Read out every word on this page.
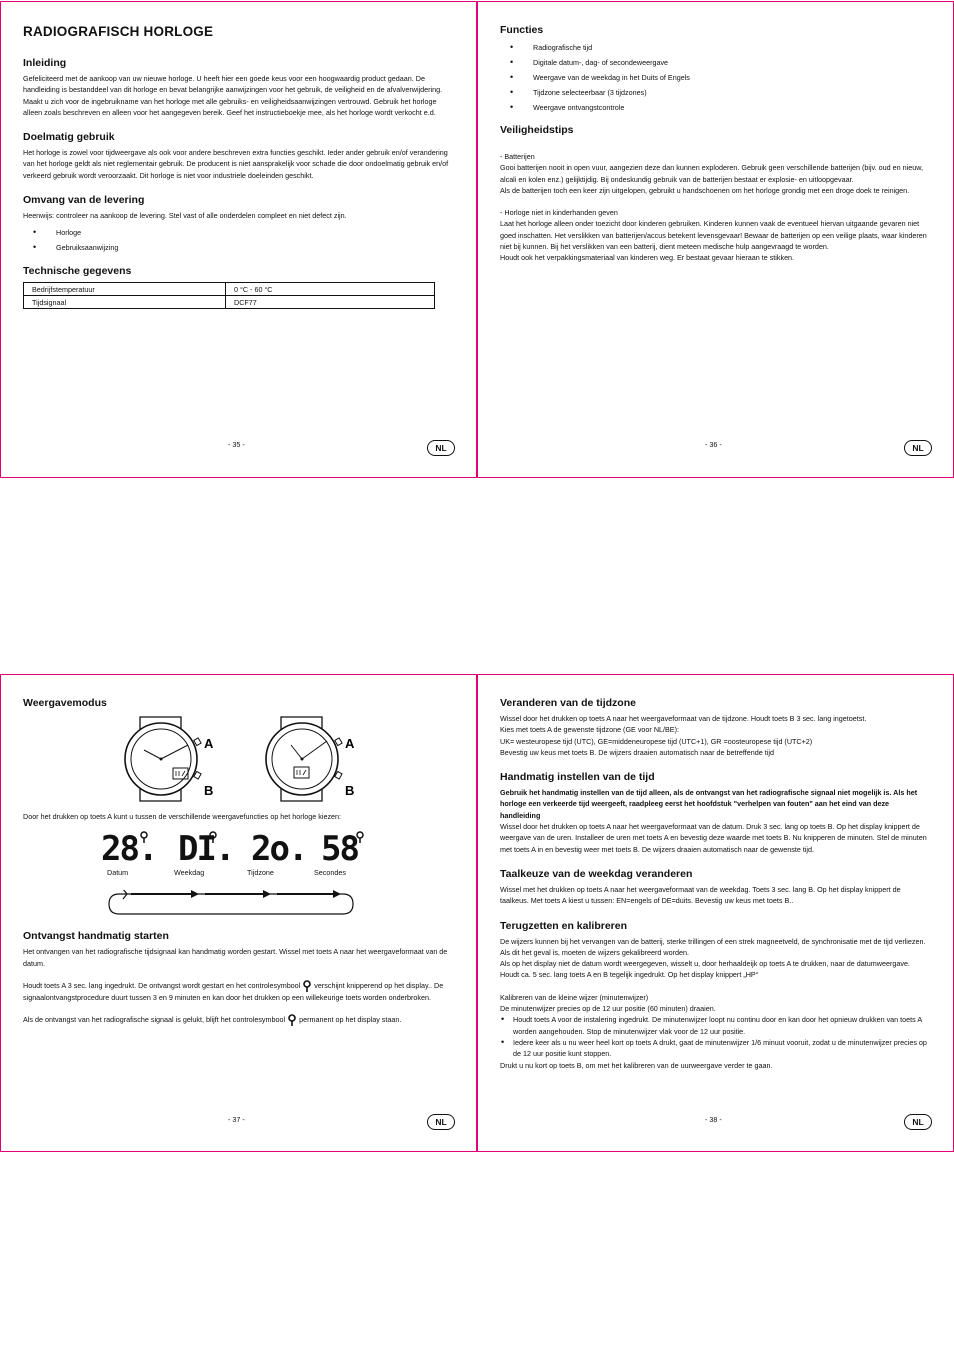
RADIOGRAFISCH HORLOGE
Inleiding

Gefeliciteerd met de aankoop van uw nieuwe horloge. U heeft hier een goede keus voor een hoogwaardig product gedaan. De handleiding is bestanddeel van dit horloge en bevat belangrijke aanwijzingen voor het gebruik, de veiligheid en de afvalverwijdering. Maakt u zich voor de ingebruikname van het horloge met alle gebruiks- en veiligheidsaanwijzingen vertrouwd. Gebruik het horloge alleen zoals beschreven en alleen voor het aangegeven bereik. Geef het instructieboekje mee, als het horloge wordt verkocht e.d.

Doelmatig gebruik

Het horloge is zowel voor tijdweergave als ook voor andere beschreven extra functies geschikt. Ieder ander gebruik en/of verandering van het horloge geldt als niet reglementair gebruik. De producent is niet aansprakelijk voor schade die door ondoelmatig gebruik en/of verkeerd gebruik wordt veroorzaakt. Dit horloge is niet voor industriele doeleinden geschikt.

Omvang van de levering

Heenwijs: controleer na aankoop de levering. Stel vast of alle onderdelen compleet en niet defect zijn.

• Horloge
• Gebruiksaanwijzing
Technische gegevens
Bedrijfstemperatuur	0 °C - 60 °C
Tijdsignaal	DCF77
- 35 -	NL
Functies
• Radiografische tijd
• Digitale datum-, dag- of secondeweergave
• Weergave van de weekdag in het Duits of Engels
• Tijdzone selecteerbaar (3 tijdzones)
• Weergave ontvangstcontrole
Veiligheidstips

- Batterijen

Gooi batterijen nooit in open vuur, aangezien deze dan kunnen exploderen. Gebruik geen verschillende batterijen (bijv. oud en nieuw, alcali en kolen enz.) gelijktijdig. Bij ondeskundig gebruik van de batterijen bestaat er explosie- en uitloopgevaar.

Als de batterijen toch een keer zijn uitgelopen, gebruikt u handschoenen om het horloge grondig met een droge doek te reinigen.

- Horloge niet in kinderhanden geven

Laat het horloge alleen onder toezicht door kinderen gebruiken. Kinderen kunnen vaak de eventueel hiervan uitgaande gevaren niet goed inschatten. Het verslikken van batterijen/accus betekent levensgevaar! Bewaar de batterijen op een veilige plaats, waar kinderen niet bij kunnen. Bij het verslikken van een batterij, dient meteen medische hulp aangevraagd te worden.

Houdt ook het verpakkingsmateriaal van kinderen weg. Er bestaat gevaar hieraan te stikken.

- 36 -	NL
Weergavemodus
A
B
A
B

Door het drukken op toets A kunt u tussen de verschillende weergavefuncties op het horloge kiezen:

28. DI. 2o. 58
Datum	Weekdag	Tijdzone	Secondes
Ontvangst handmatig starten

Het ontvangen van het radiografische tijdsignaal kan handmatig worden gestart. Wissel met toets A naar het weergaveformaat van de datum.

Houdt toets A 3 sec. lang ingedrukt. De ontvangst wordt gestart en het controlesymbool verschijnt knipperend op het display.. De signaalontvangstprocedure duurt tussen 3 en 9 minuten en kan door het drukken op een willekeurige toets worden onderbroken.

Als de ontvangst van het radiografische signaal is gelukt, blijft het controlesymbool permanent op het display staan.

- 37 -	NL
Veranderen van de tijdzone

Wissel door het drukken op toets A naar het weergaveformaat van de tijdzone. Houdt toets B 3 sec. lang ingetoetst.

Kies met toets A de gewenste tijdzone (GE voor NL/BE):

UK= westeuropese tijd (UTC), GE=middeneuropese tijd (UTC+1), GR =oosteuropese tijd (UTC+2)

Bevestig uw keus met toets B. De wijzers draaien automatisch naar de betreffende tijd

Handmatig instellen van de tijd

Gebruik het handmatig instellen van de tijd alleen, als de ontvangst van het radiografische signaal niet mogelijk is. Als het horloge een verkeerde tijd weergeeft, raadpleeg eerst het hoofdstuk "verhelpen van fouten" aan het eind van deze handleiding

Wissel door het drukken op toets A naar het weergaveformaat van de datum. Druk 3 sec. lang op toets B. Op het display knippert de weergave van de uren. Installeer de uren met toets A en bevestig deze waarde met toets B. Nu knipperen de minuten. Stel de minuten met toets A in en bevestig weer met toets B. De wijzers draaien automatisch naar de gewenste tijd.

Taalkeuze van de weekdag veranderen

Wissel met het drukken op toets A naar het weergaveformaat van de weekdag. Toets 3 sec. lang B. Op het display knippert de taalkeus. Met toets A kiest u tussen: EN=engels of DE=duits. Bevestig uw keus met toets B..

Terugzetten en kalibreren

De wijzers kunnen bij het vervangen van de batterij, sterke trillingen of een strek magneetveld, de synchronisatie met de tijd verliezen. Als dit het geval is, moeten de wijzers gekalibreerd worden.

Als op het display niet de datum wordt weergegeven, wisselt u, door herhaaldeijk op toets A te drukken, naar de datumweergave.

Houdt ca. 5 sec. lang toets A en B tegelijk ingedrukt. Op het display knippert „HP“

Kalibreren van de kleine wijzer (minutenwijzer)

De minutenwijzer precies op de 12 uur positie (60 minuten) draaien.

• Houdt toets A voor de instalering ingedrukt. De minutenwijzer loopt nu continu door en kan door het opnieuw drukken van toets A worden aangehouden. Stop de minutenwijzer vlak voor de 12 uur positie.
• Iedere keer als u nu weer heel kort op toets A drukt, gaat de minutenwijzer 1/6 minuut vooruit, zodat u de minutenwijzer precies op de 12 uur positie kunt stoppen.

Drukt u nu kort op toets B, om met het kalibreren van de uurweergave verder te gaan.

- 38 -	NL
